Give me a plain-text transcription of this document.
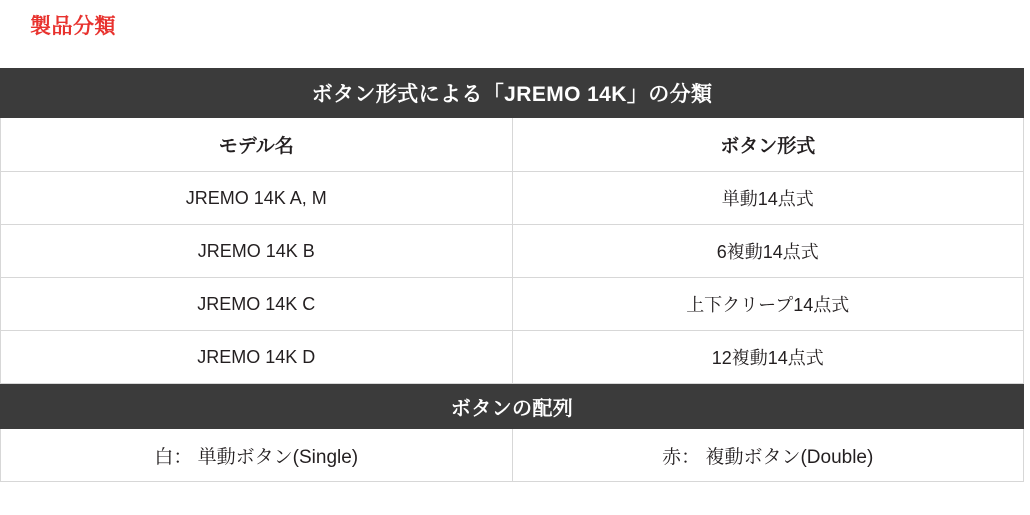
製品分類
ボタン形式による「JREMO 14K」の分類	
モデル名	ボタン形式
JREMO 14K A, M	単動14点式
JREMO 14K B	6複動14点式
JREMO 14K C	上下クリープ14点式
JREMO 14K D	12複動14点式
ボタンの配列	
白： 単動ボタン(Single)	赤： 複動ボタン(Double)
